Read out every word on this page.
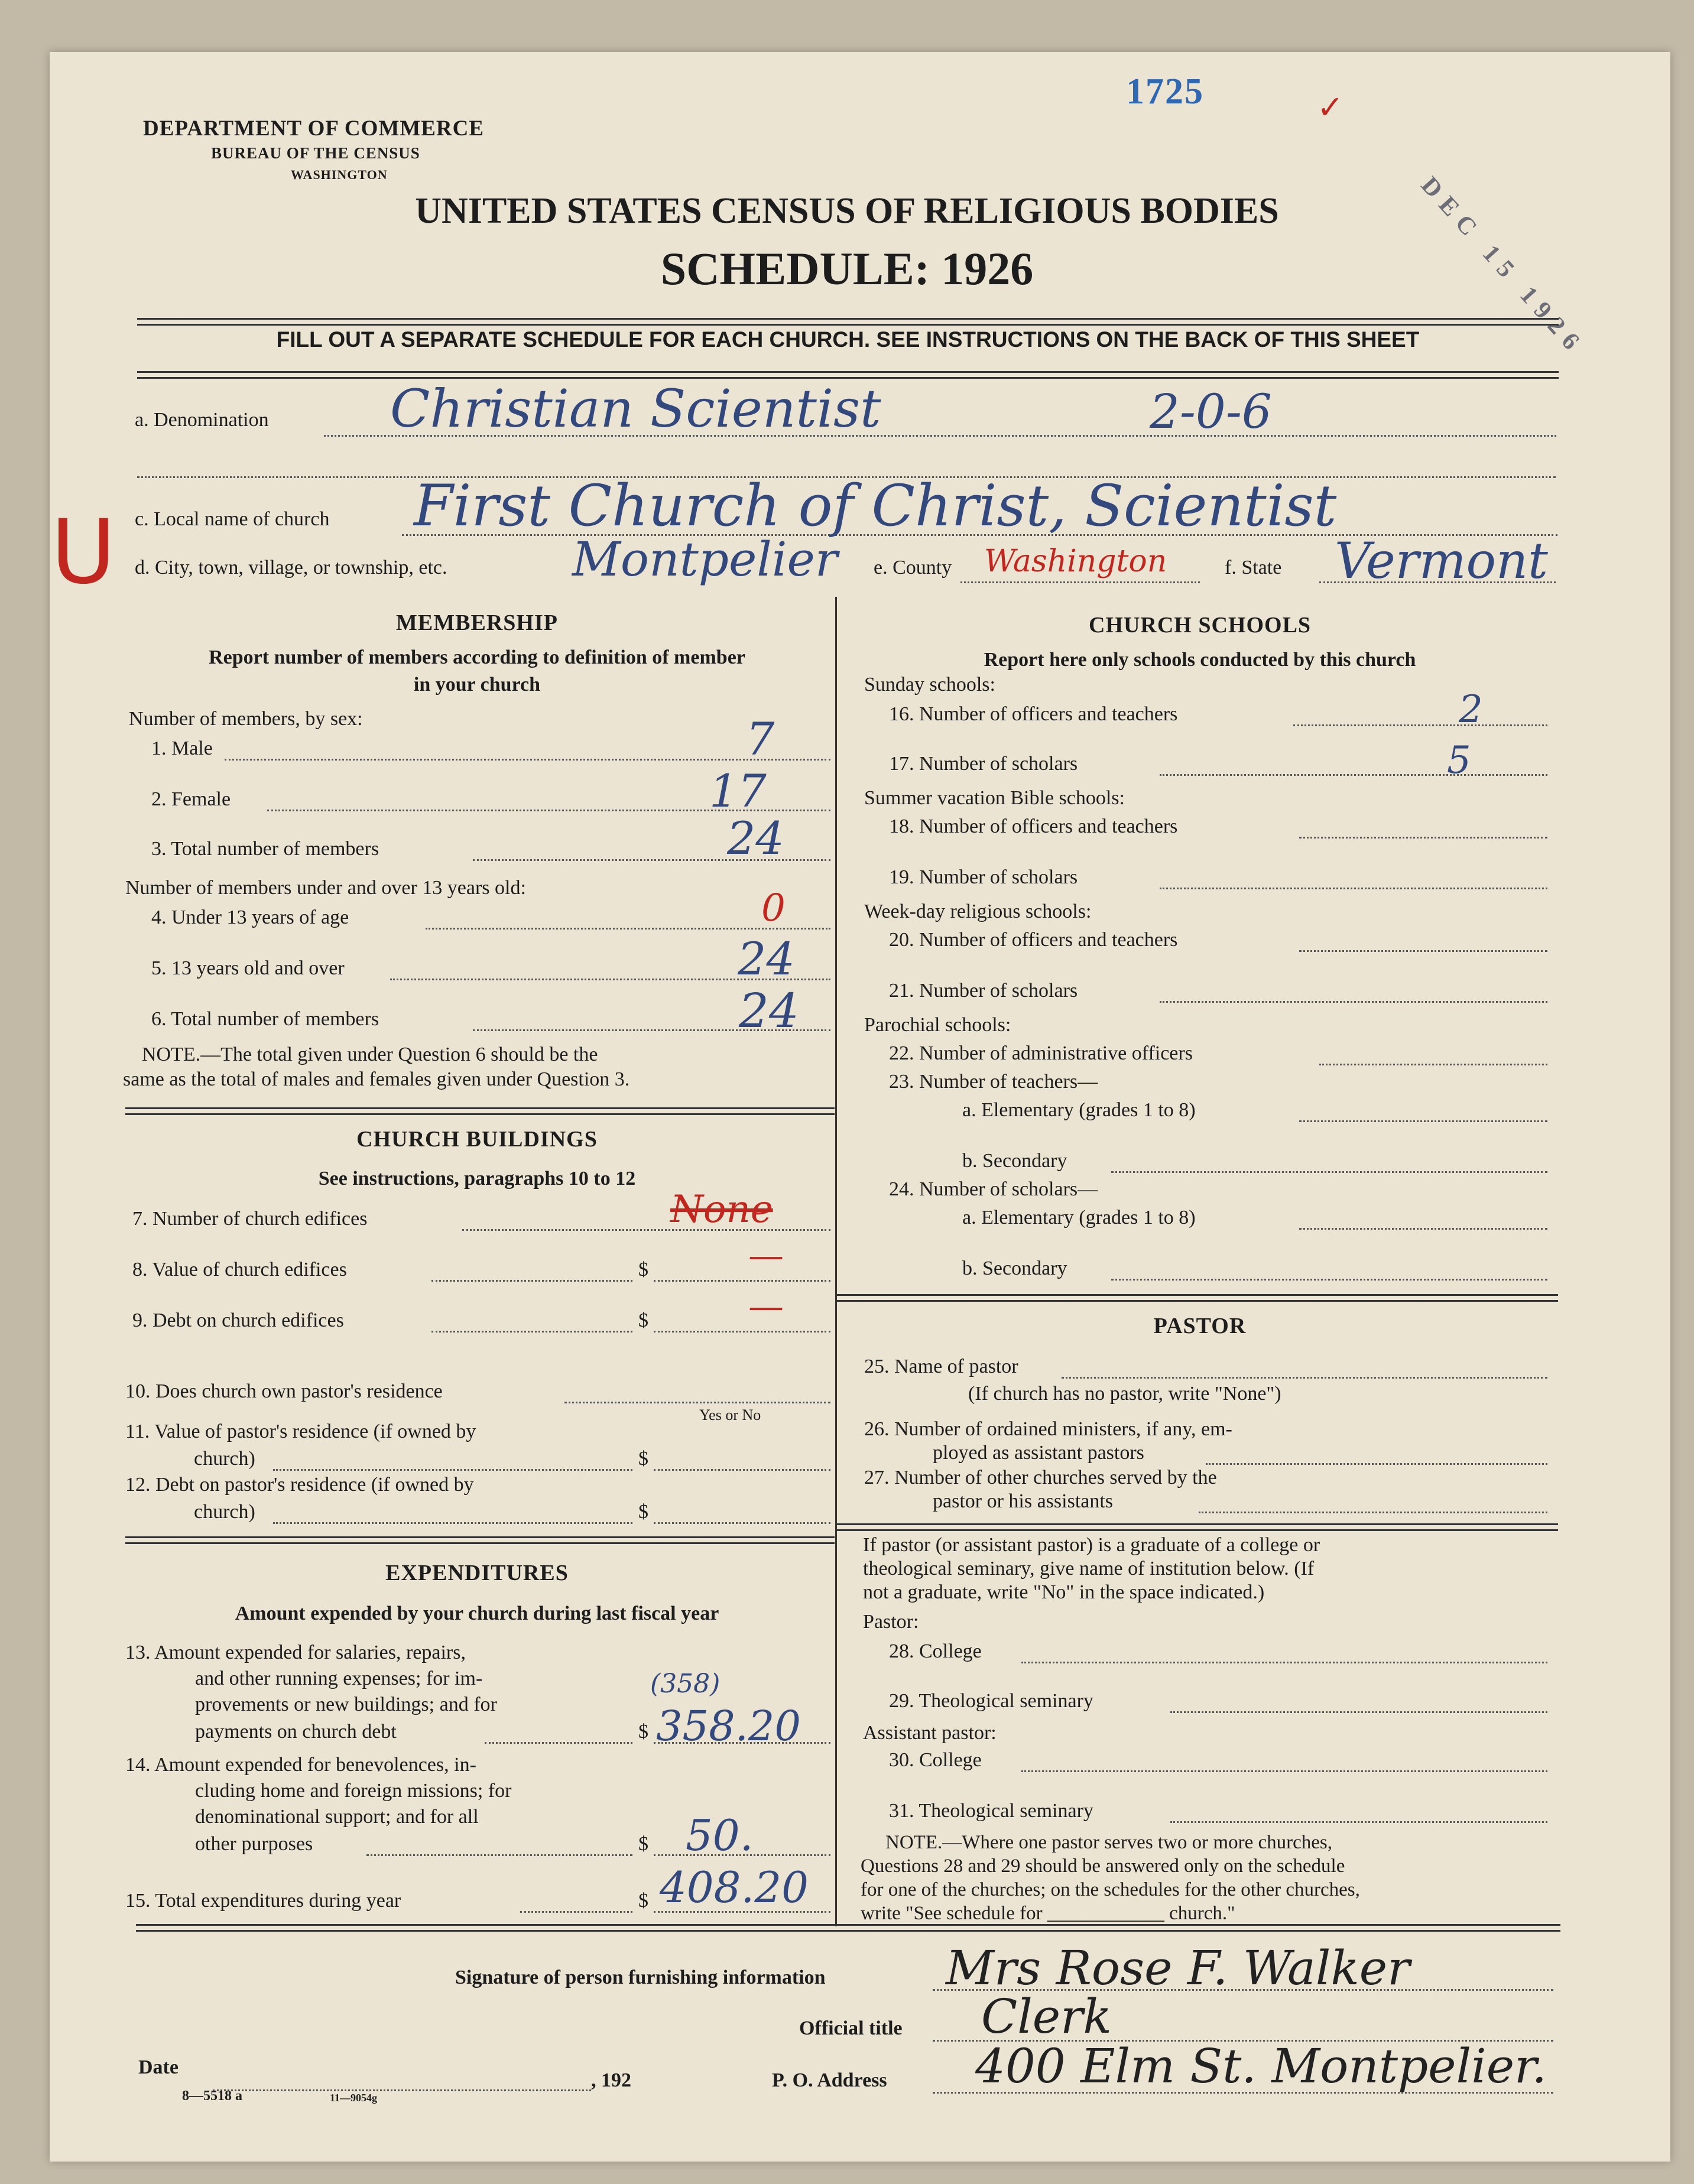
DEPARTMENT OF COMMERCE
BUREAU OF THE CENSUS
WASHINGTON
1725	✓
DEC 15 1926
UNITED STATES CENSUS OF RELIGIOUS BODIES
SCHEDULE: 1926
FILL OUT A SEPARATE SCHEDULE FOR EACH CHURCH. SEE INSTRUCTIONS ON THE BACK OF THIS SHEET
a. Denomination Christian Scientist	2-0-6
U c. Local name of church First Church of Christ, Scientist
d. City, town, village, or township, etc.	Montpelier e. County Washington	f. State Vermont
MEMBERSHIP
Report number of members according to definition of member in your church
Number of members, by sex:
1. Male	7
2. Female	17
3. Total number of members	24
Number of members under and over 13 years old:
4. Under 13 years of age	0
5. 13 years old and over	24
6. Total number of members	24
NOTE.—The total given under Question 6 should be the
same as the total of males and females given under Question 3.
CHURCH BUILDINGS
See instructions, paragraphs 10 to 12
7. Number of church edifices	None
8. Value of church edifices	$	—
9. Debt on church edifices	$	—
10. Does church own pastor's residence
Yes or No
11. Value of pastor's residence (if owned by
church)	$
12. Debt on pastor's residence (if owned by
church)	$
EXPENDITURES
Amount expended by your church during last fiscal year
13. Amount expended for salaries, repairs,
and other running expenses; for im-
provements or new buildings; and for
payments on church debt	$
(358)
358.20
14. Amount expended for benevolences, in-
cluding home and foreign missions; for
denominational support; and for all
other purposes	$ 50.
15. Total expenditures during year	$ 408.20
CHURCH SCHOOLS
Report here only schools conducted by this church
Sunday schools:
16. Number of officers and teachers	2
17. Number of scholars	5
Summer vacation Bible schools:
18. Number of officers and teachers
19. Number of scholars
Week-day religious schools:
20. Number of officers and teachers
21. Number of scholars
Parochial schools:
22. Number of administrative officers
23. Number of teachers—
a. Elementary (grades 1 to 8)
b. Secondary
24. Number of scholars—
a. Elementary (grades 1 to 8)
b. Secondary
PASTOR
25. Name of pastor
(If church has no pastor, write "None")
26. Number of ordained ministers, if any, em-
ployed as assistant pastors
27. Number of other churches served by the
pastor or his assistants
If pastor (or assistant pastor) is a graduate of a college or
theological seminary, give name of institution below. (If
not a graduate, write "No" in the space indicated.)
Pastor:
28. College
29. Theological seminary
Assistant pastor:
30. College
31. Theological seminary
NOTE.—Where one pastor serves two or more churches,
Questions 28 and 29 should be answered only on the schedule
for one of the churches; on the schedules for the other churches,
write "See schedule for ____________ church."
Signature of person furnishing information	Mrs Rose F. Walker
Official title Clerk
Date
, 192	P. O. Address 400 Elm St. Montpelier.
8—5518 a	11—9054g
